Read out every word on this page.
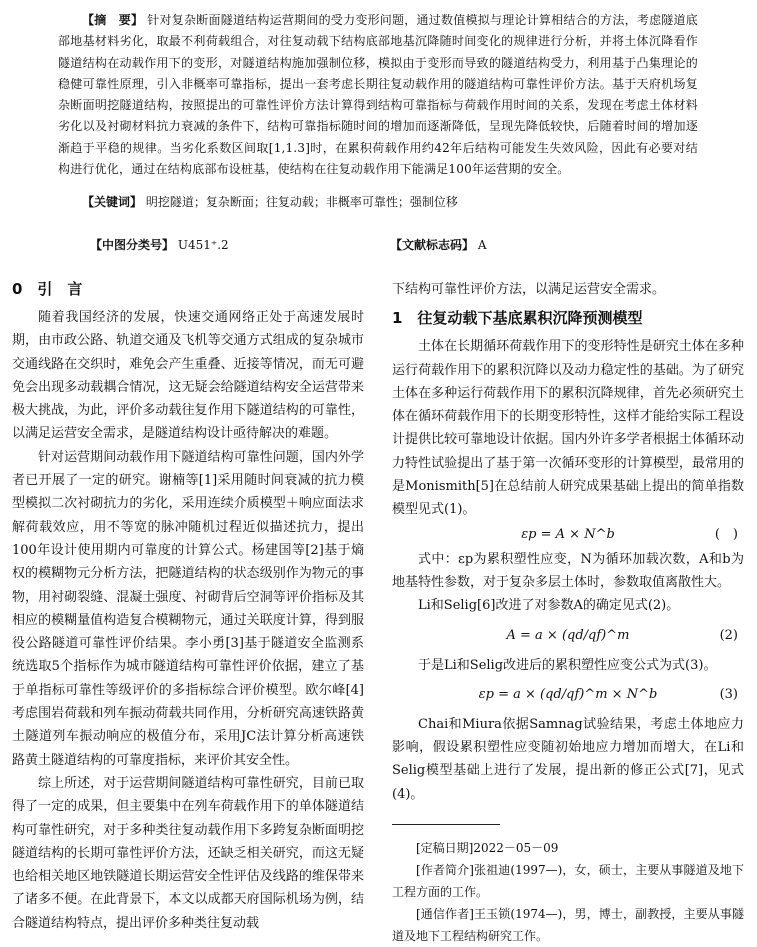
【摘　要】 针对复杂断面隧道结构运营期间的受力变形问题，通过数值模拟与理论计算相结合的方法，考虑隧道底部地基材料劣化，取最不利荷载组合，对往复动载下结构底部地基沉降随时间变化的规律进行分析，并将土体沉降看作隧道结构在动载作用下的变形，对隧道结构施加强制位移，模拟由于变形而导致的隧道结构受力，利用基于凸集理论的稳健可靠性原理，引入非概率可靠指标，提出一套考虑长期往复动载作用的隧道结构可靠性评价方法。基于天府机场复杂断面明挖隧道结构，按照提出的可靠性评价方法计算得到结构可靠指标与荷载作用时间的关系，发现在考虑土体材料劣化以及衬砌材料抗力衰减的条件下，结构可靠指标随时间的增加而逐渐降低，呈现先降低较快，后随着时间的增加逐渐趋于平稳的规律。当劣化系数区间取[1,1.3]时，在累积荷载作用约42年后结构可能发生失效风险，因此有必要对结构进行优化，通过在结构底部布设桩基，使结构在往复动载作用下能满足100年运营期的安全。
【关键词】 明挖隧道；复杂断面；往复动载；非概率可靠性；强制位移
【中图分类号】 U451⁺.2	【文献标志码】 A
0　引　言

随着我国经济的发展，快速交通网络正处于高速发展时期，由市政公路、轨道交通及飞机等交通方式组成的复杂城市交通线路在交织时，难免会产生重叠、近接等情况，而无可避免会出现多动载耦合情况，这无疑会给隧道结构安全运营带来极大挑战，为此，评价多动载往复作用下隧道结构的可靠性，以满足运营安全需求，是隧道结构设计亟待解决的难题。

针对运营期间动载作用下隧道结构可靠性问题，国内外学者已开展了一定的研究。谢楠等[1]采用随时间衰减的抗力模型模拟二次衬砌抗力的劣化，采用连续介质模型＋响应面法求解荷载效应，用不等宽的脉冲随机过程近似描述抗力，提出100年设计使用期内可靠度的计算公式。杨建国等[2]基于熵权的模糊物元分析方法，把隧道结构的状态级别作为物元的事物，用衬砌裂缝、混凝土强度、衬砌背后空洞等评价指标及其相应的模糊量值构造复合模糊物元，通过关联度计算，得到服役公路隧道可靠性评价结果。李小勇[3]基于隧道安全监测系统选取5个指标作为城市隧道结构可靠性评价依据，建立了基于单指标可靠性等级评价的多指标综合评价模型。欧尔峰[4]考虑围岩荷载和列车振动荷载共同作用，分析研究高速铁路黄土隧道列车振动响应的极值分布，采用JC法计算分析高速铁路黄土隧道结构的可靠度指标，来评价其安全性。

综上所述，对于运营期间隧道结构可靠性研究，目前已取得了一定的成果，但主要集中在列车荷载作用下的单体隧道结构可靠性研究，对于多种类往复动载作用下多跨复杂断面明挖隧道结构的长期可靠性评价方法，还缺乏相关研究，而这无疑也给相关地区地铁隧道长期运营安全性评估及线路的维保带来了诸多不便。在此背景下，本文以成都天府国际机场为例，结合隧道结构特点，提出评价多种类往复动载

下结构可靠性评价方法，以满足运营安全需求。

1　往复动载下基底累积沉降预测模型

土体在长期循环荷载作用下的变形特性是研究土体在多种运行荷载作用下的累积沉降以及动力稳定性的基础。为了研究土体在多种运行荷载作用下的累积沉降规律，首先必须研究土体在循环荷载作用下的长期变形特性，这样才能给实际工程设计提供比较可靠地设计依据。国内外许多学者根据土体循环动力特性试验提出了基于第一次循环变形的计算模型，最常用的是Monismith[5]在总结前人研究成果基础上提出的简单指数模型见式(1)。

εp = A × N^b	(　)

式中：εp为累积塑性应变，N为循环加载次数，A和b为地基特性参数，对于复杂多层土体时，参数取值离散性大。

Li和Selig[6]改进了对参数A的确定见式(2)。

A = a × (qd/qf)^m	(2)

于是Li和Selig改进后的累积塑性应变公式为式(3)。

εp = a × (qd/qf)^m × N^b	(3)

Chai和Miura依据Samnag试验结果，考虑土体地应力影响，假设累积塑性应变随初始地应力增加而增大，在Li和Selig模型基础上进行了发展，提出新的修正公式[7]，见式(4)。

[定稿日期]2022－05－09

[作者简介]张祖迪(1997—)，女，硕士，主要从事隧道及地下工程方面的工作。

[通信作者]王玉锁(1974—)，男，博士，副教授，主要从事隧道及地下工程结构研究工作。
